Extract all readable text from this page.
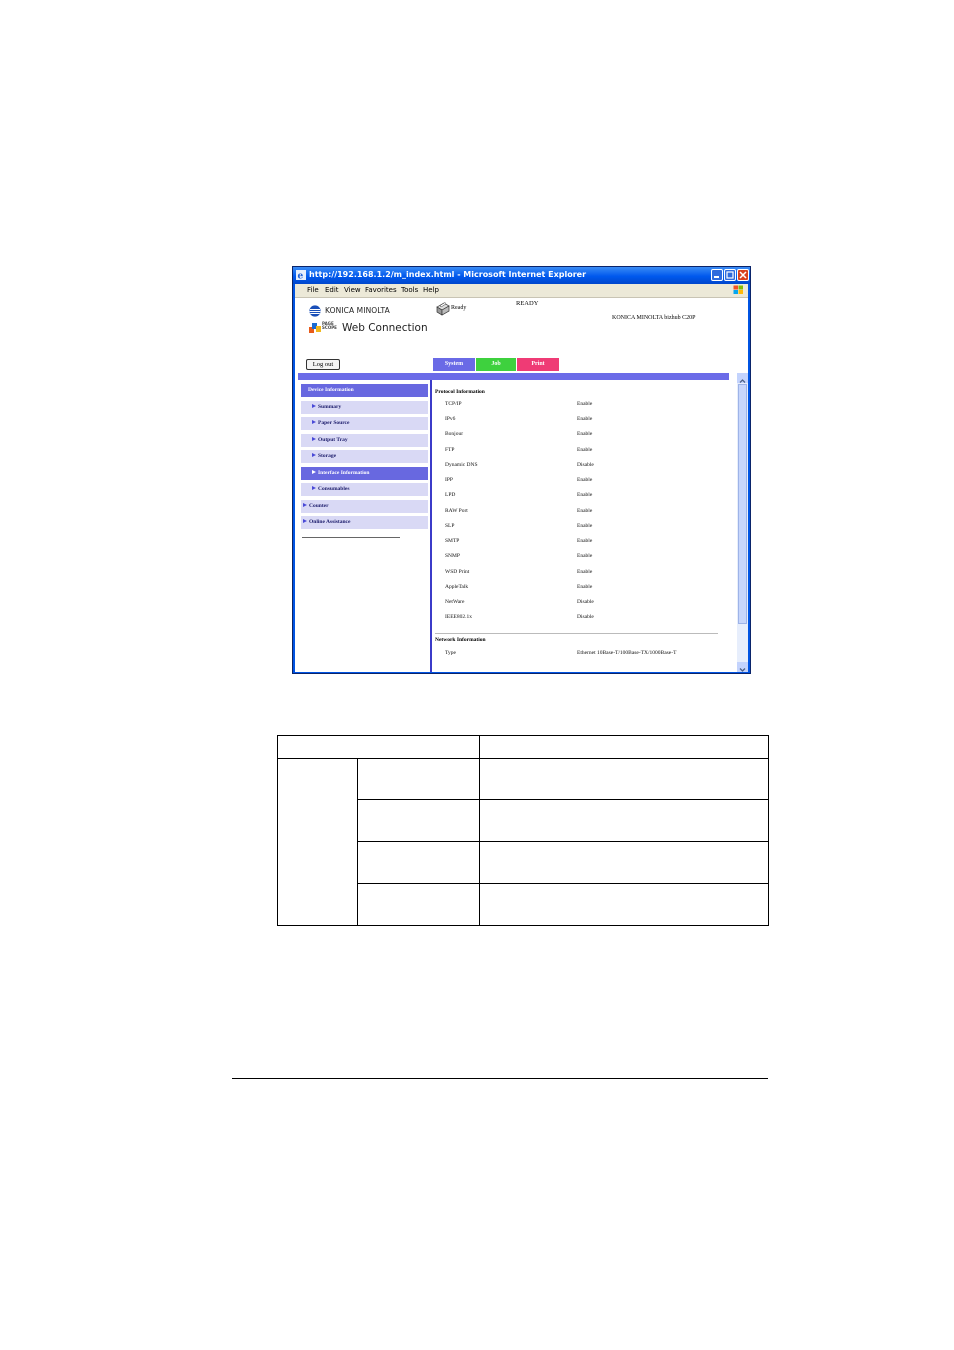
e http://192.168.1.2/m_index.html - Microsoft Internet Explorer
File Edit View Favorites Tools Help
KONICA MINOLTA
PAGE SCOPE Web Connection
Ready
READY
KONICA MINOLTA bizhub C20P
Log out	System	Job	Print
Device Information
Summary
Paper Source
Output Tray
Storage
Interface Information
Consumables
Counter
Online Assistance
Protocol Information
TCP/IP	Enable
IPv6	Enable
Bonjour	Enable
FTP	Enable
Dynamic DNS	Disable
IPP	Enable
LPD	Enable
RAW Port	Enable
SLP	Enable
SMTP	Enable
SNMP	Enable
WSD Print	Enable
AppleTalk	Enable
NetWare	Disable
IEEE802.1x	Disable
Network Information
Type	Ethernet 10Base-T/100Base-TX/1000Base-T
